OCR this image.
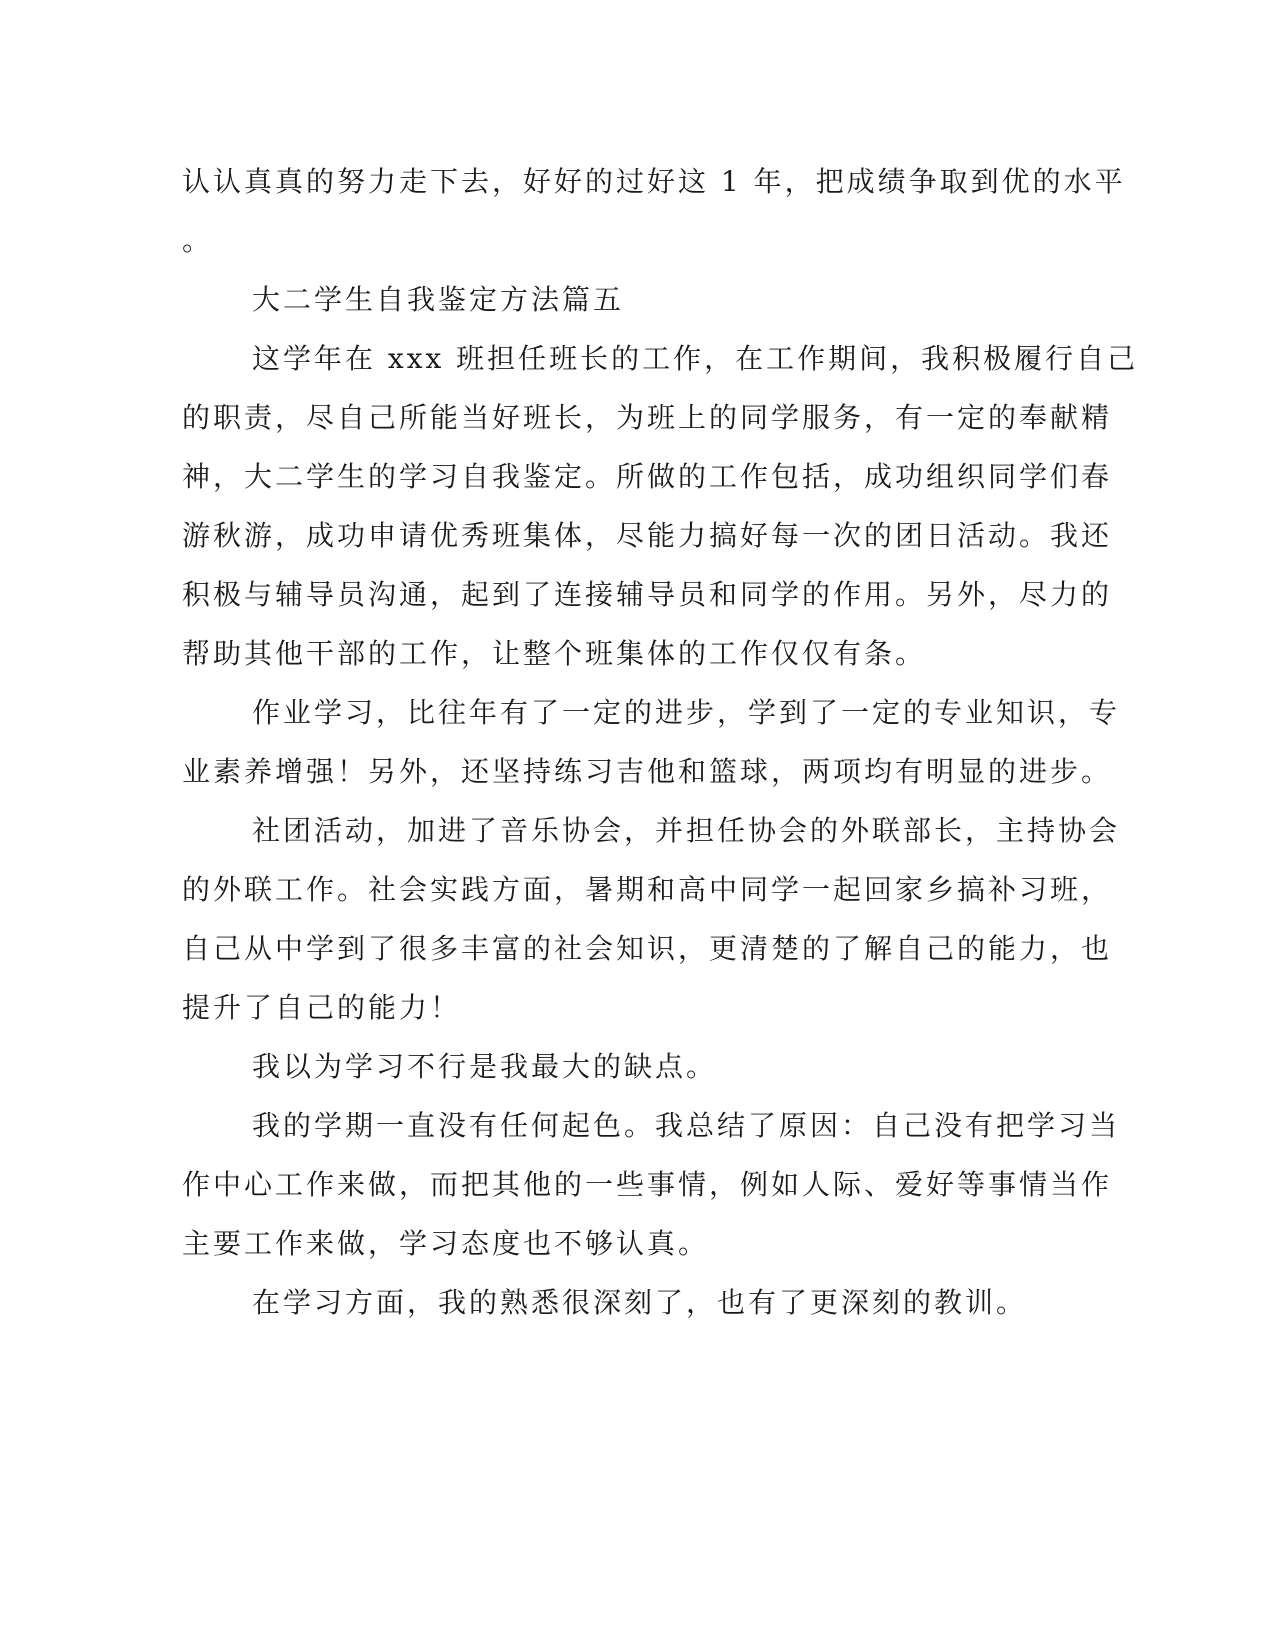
认认真真的努力走下去，好好的过好这 1 年，把成绩争取到优的水平
。
大二学生自我鉴定方法篇五
这学年在 xxx 班担任班长的工作，在工作期间，我积极履行自己
的职责，尽自己所能当好班长，为班上的同学服务，有一定的奉献精
神，大二学生的学习自我鉴定。所做的工作包括，成功组织同学们春
游秋游，成功申请优秀班集体，尽能力搞好每一次的团日活动。我还
积极与辅导员沟通，起到了连接辅导员和同学的作用。另外，尽力的
帮助其他干部的工作，让整个班集体的工作仅仅有条。
作业学习，比往年有了一定的进步，学到了一定的专业知识，专
业素养增强！另外，还坚持练习吉他和篮球，两项均有明显的进步。
社团活动，加进了音乐协会，并担任协会的外联部长，主持协会
的外联工作。社会实践方面，暑期和高中同学一起回家乡搞补习班，
自己从中学到了很多丰富的社会知识，更清楚的了解自己的能力，也
提升了自己的能力！
我以为学习不行是我最大的缺点。
我的学期一直没有任何起色。我总结了原因：自己没有把学习当
作中心工作来做，而把其他的一些事情，例如人际、爱好等事情当作
主要工作来做，学习态度也不够认真。
在学习方面，我的熟悉很深刻了，也有了更深刻的教训。
